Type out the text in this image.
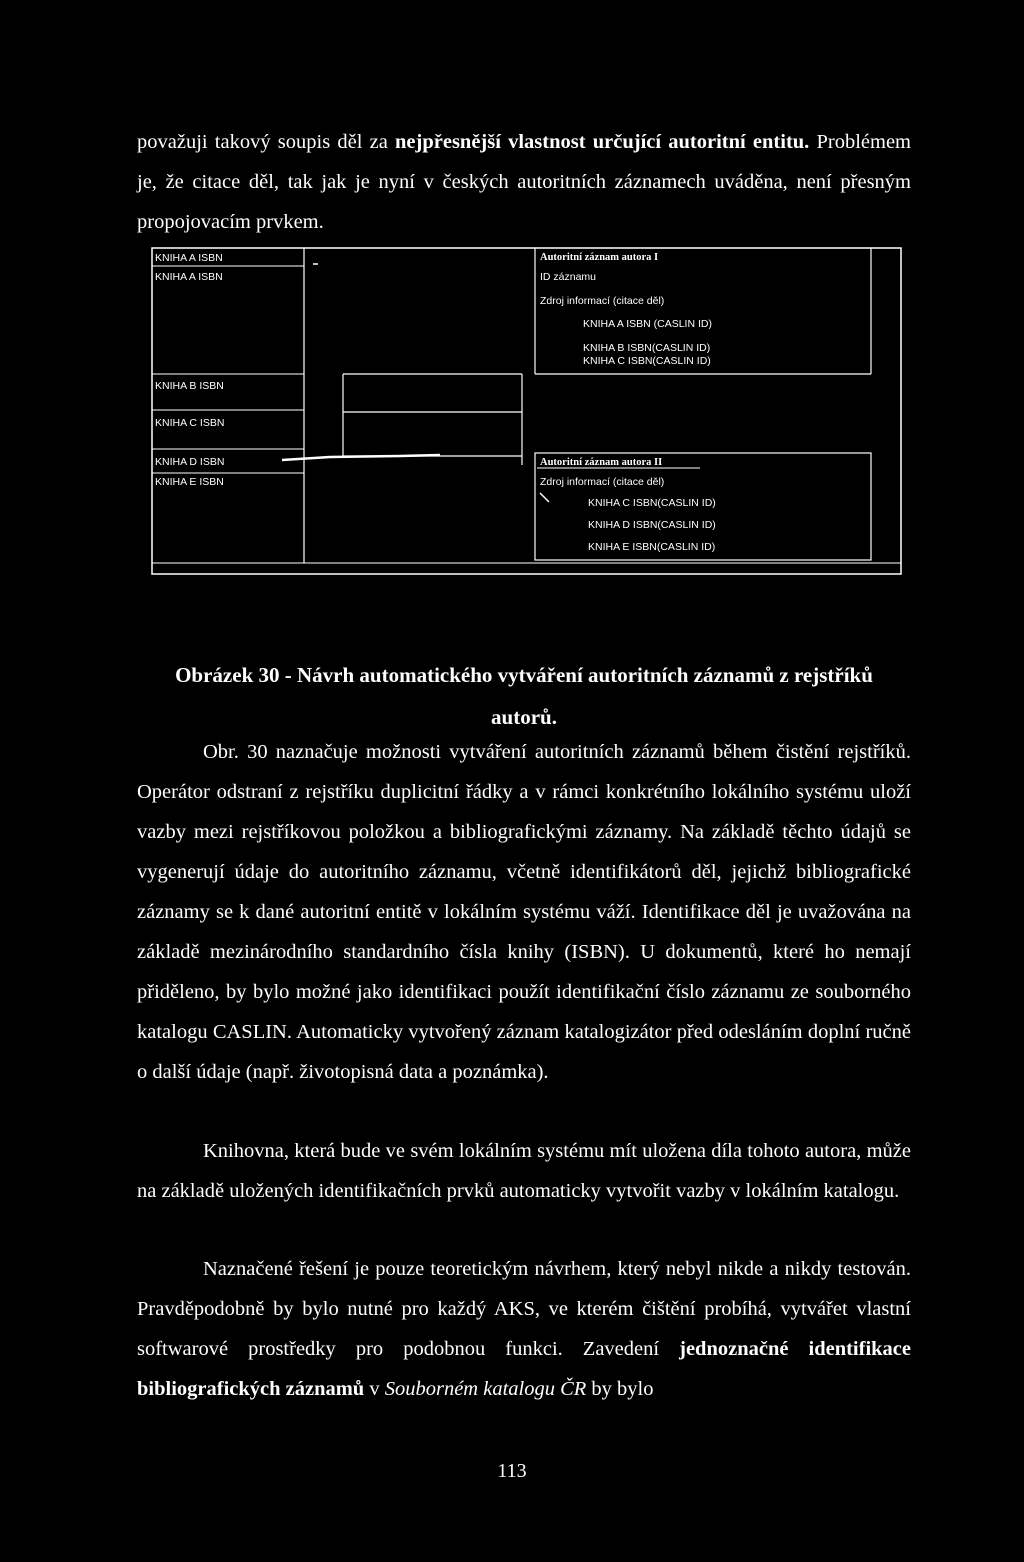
považuji takový soupis děl za nejpřesnější vlastnost určující autoritní entitu. Problémem je, že citace děl, tak jak je nyní v českých autoritních záznamech uváděna, není přesným propojovacím prvkem.

KNIHA A ISBN
KNIHA A ISBN
KNIHA B ISBN
KNIHA C ISBN
KNIHA D ISBN
KNIHA E ISBN
Autoritní záznam autora I
ID záznamu
Zdroj informací (citace děl)
KNIHA A ISBN (CASLIN ID)
KNIHA B ISBN(CASLIN ID)
KNIHA C ISBN(CASLIN ID)
Autoritní záznam autora II
Zdroj informací (citace děl)
KNIHA C ISBN(CASLIN ID)
KNIHA D ISBN(CASLIN ID)
KNIHA E ISBN(CASLIN ID)

Obrázek 30 - Návrh automatického vytváření autoritních záznamů z rejstříků
autorů.

Obr. 30 naznačuje možnosti vytváření autoritních záznamů během čistění rejstříků. Operátor odstraní z rejstříku duplicitní řádky a v rámci konkrétního lokálního systému uloží vazby mezi rejstříkovou položkou a bibliografickými záznamy. Na základě těchto údajů se vygenerují údaje do autoritního záznamu, včetně identifikátorů děl, jejichž bibliografické záznamy se k dané autoritní entitě v lokálním systému váží. Identifikace děl je uvažována na základě mezinárodního standardního čísla knihy (ISBN). U dokumentů, které ho nemají přiděleno, by bylo možné jako identifikaci použít identifikační číslo záznamu ze souborného katalogu CASLIN. Automaticky vytvořený záznam katalogizátor před odesláním doplní ručně o další údaje (např. životopisná data a poznámka).

Knihovna, která bude ve svém lokálním systému mít uložena díla tohoto autora, může na základě uložených identifikačních prvků automaticky vytvořit vazby v lokálním katalogu.

Naznačené řešení je pouze teoretickým návrhem, který nebyl nikde a nikdy testován. Pravděpodobně by bylo nutné pro každý AKS, ve kterém čištění probíhá, vytvářet vlastní softwarové prostředky pro podobnou funkci. Zavedení jednoznačné identifikace bibliografických záznamů v Souborném katalogu ČR by bylo

113
